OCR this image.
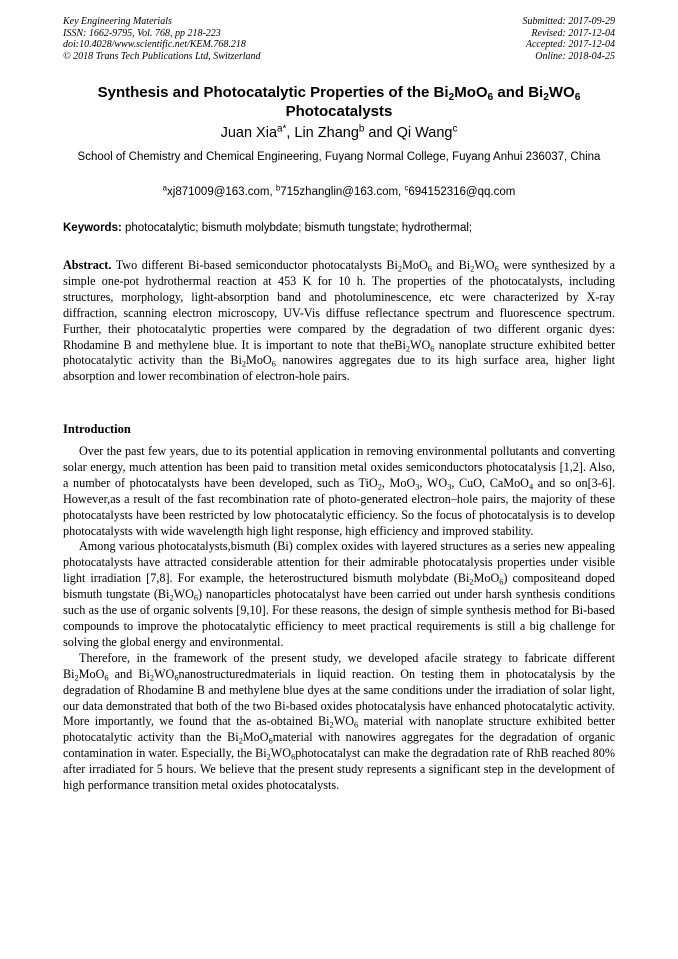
Key Engineering Materials
ISSN: 1662-9795, Vol. 768, pp 218-223
doi:10.4028/www.scientific.net/KEM.768.218
© 2018 Trans Tech Publications Ltd, Switzerland
Submitted: 2017-09-29
Revised: 2017-12-04
Accepted: 2017-12-04
Online: 2018-04-25
Synthesis and Photocatalytic Properties of the $Bi_2MoO_6$ and $Bi_2WO_6$
Photocatalysts
Juan Xia$^{a*}$, Lin Zhang$^b$ and Qi Wang$^c$
School of Chemistry and Chemical Engineering, Fuyang Normal College, Fuyang Anhui 236037, China
$^a$xj871009@163.com, $^b$715zhanglin@163.com, $^c$694152316@qq.com
Keywords: photocatalytic; bismuth molybdate; bismuth tungstate; hydrothermal;
Abstract. Two different Bi-based semiconductor photocatalysts $Bi_2MoO_6$ and $Bi_2WO_6$ were synthesized by a simple one-pot hydrothermal reaction at 453 K for 10 h. The properties of the photocatalysts, including structures, morphology, light-absorption band and photoluminescence, etc were characterized by X-ray diffraction, scanning electron microscopy, UV-Vis diffuse reflectance spectrum and fluorescence spectrum. Further, their photocatalytic properties were compared by the degradation of two different organic dyes: Rhodamine B and methylene blue. It is important to note that $theBi_2WO_6$ nanoplate structure exhibited better photocatalytic activity than the $Bi_2MoO_6$ nanowires aggregates due to its high surface area, higher light absorption and lower recombination of electron-hole pairs.
Introduction

Over the past few years, due to its potential application in removing environmental pollutants and converting solar energy, much attention has been paid to transition metal oxides semiconductors photocatalysis [1,2]. Also, a number of photocatalysts have been developed, such as TiO$_2$, MoO$_3$, $WO_3$, CuO, CaMoO$_4$ and so on[3-6]. However,as a result of the fast recombination rate of photo-generated electron–hole pairs, the majority of these photocatalysts have been restricted by low photocatalytic efficiency. So the focus of photocatalysis is to develop photocatalysts with wide wavelength high light response, high efficiency and improved stability.

Among various photocatalysts,bismuth (Bi) complex oxides with layered structures as a series new appealing photocatalysts have attracted considerable attention for their admirable photocatalysis properties under visible light irradiation [7,8]. For example, the heterostructured bismuth molybdate $(Bi_2MoO_6)$ compositeand doped bismuth tungstate $(Bi_2WO_6)$ nanoparticles photocatalyst have been carried out under harsh synthesis conditions such as the use of organic solvents [9,10]. For these reasons, the design of simple synthesis method for Bi-based compounds to improve the photocatalytic efficiency to meet practical requirements is still a big challenge for solving the global energy and environmental.

Therefore, in the framework of the present study, we developed afacile strategy to fabricate different $Bi_2MoO_6$ and $Bi_2WO_6nanostructuredmaterials$ in liquid reaction. On testing them in photocatalysis by the degradation of Rhodamine B and methylene blue dyes at the same conditions under the irradiation of solar light, our data demonstrated that both of the two Bi-based oxides photocatalysis have enhanced photocatalytic activity. More importantly, we found that the as-obtained $Bi_2WO_6$ material with nanoplate structure exhibited better photocatalytic activity than the $Bi_2MoO_6material$ with nanowires aggregates for the degradation of organic contamination in water. Especially, the $Bi_2WO_6photocatalyst$ can make the degradation rate of RhB reached 80% after irradiated for 5 hours. We believe that the present study represents a significant step in the development of high performance transition metal oxides photocatalysts.
